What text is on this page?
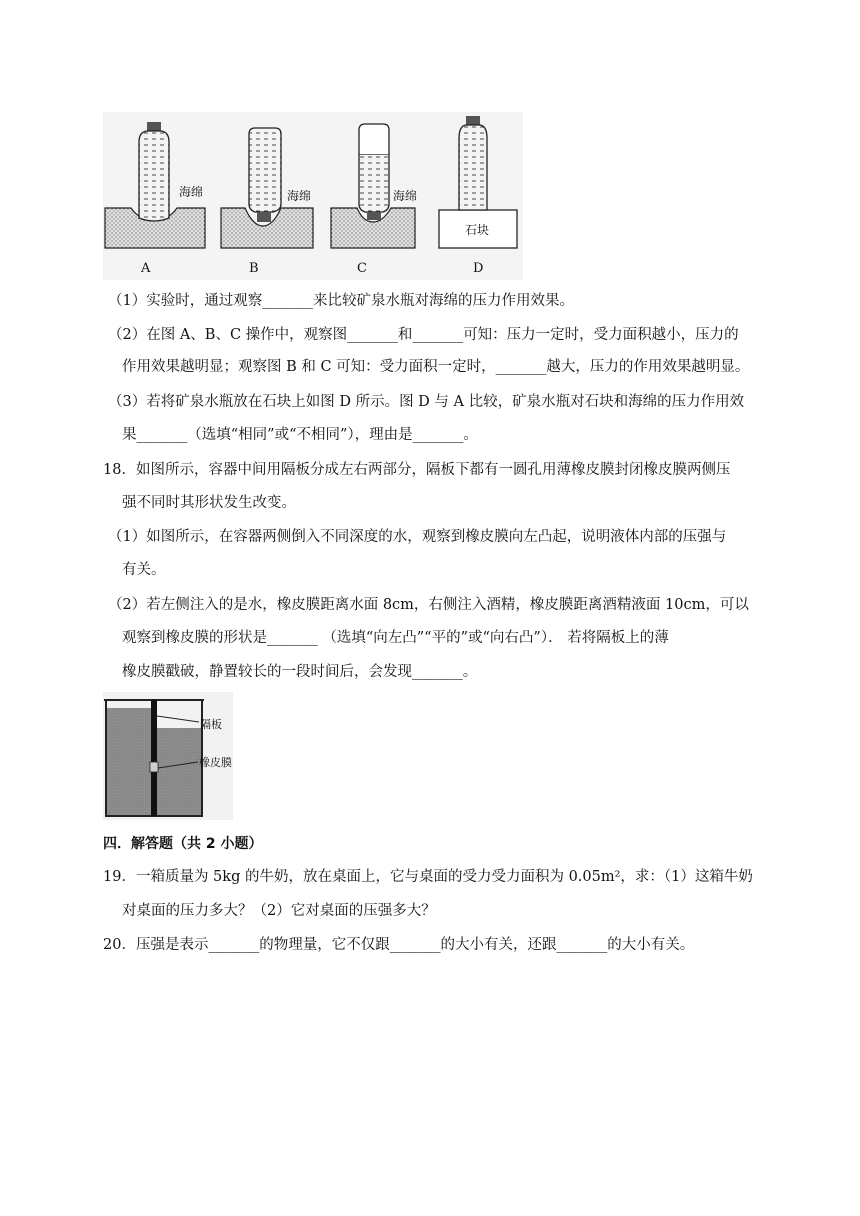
海绵	海绵	海绵
石块
A	B	C	D
（1）实验时，通过观察_______来比较矿泉水瓶对海绵的压力作用效果。
（2）在图 A、B、C 操作中，观察图_______和_______可知：压力一定时，受力面积越小，压力的
作用效果越明显；观察图 B 和 C 可知：受力面积一定时，_______越大，压力的作用效果越明显。
（3）若将矿泉水瓶放在石块上如图 D 所示。图 D 与 A 比较，矿泉水瓶对石块和海绵的压力作用效
果_______（选填“相同”或“不相同”），理由是_______。
18．如图所示，容器中间用隔板分成左右两部分，隔板下都有一圆孔用薄橡皮膜封闭橡皮膜两侧压
强不同时其形状发生改变。
（1）如图所示，在容器两侧倒入不同深度的水，观察到橡皮膜向左凸起，说明液体内部的压强与
有关。
（2）若左侧注入的是水，橡皮膜距离水面 8cm，右侧注入酒精，橡皮膜距离酒精液面 10cm，可以
观察到橡皮膜的形状是_______ （选填“向左凸”“平的”或“向右凸”）． 若将隔板上的薄
橡皮膜戳破，静置较长的一段时间后，会发现_______。
隔板
橡皮膜
四．解答题（共 2 小题）
19．一箱质量为 5kg 的牛奶，放在桌面上，它与桌面的受力受力面积为 0.05m²，求：（1）这箱牛奶
对桌面的压力多大？（2）它对桌面的压强多大？
20．压强是表示_______的物理量，它不仅跟_______的大小有关，还跟_______的大小有关。
